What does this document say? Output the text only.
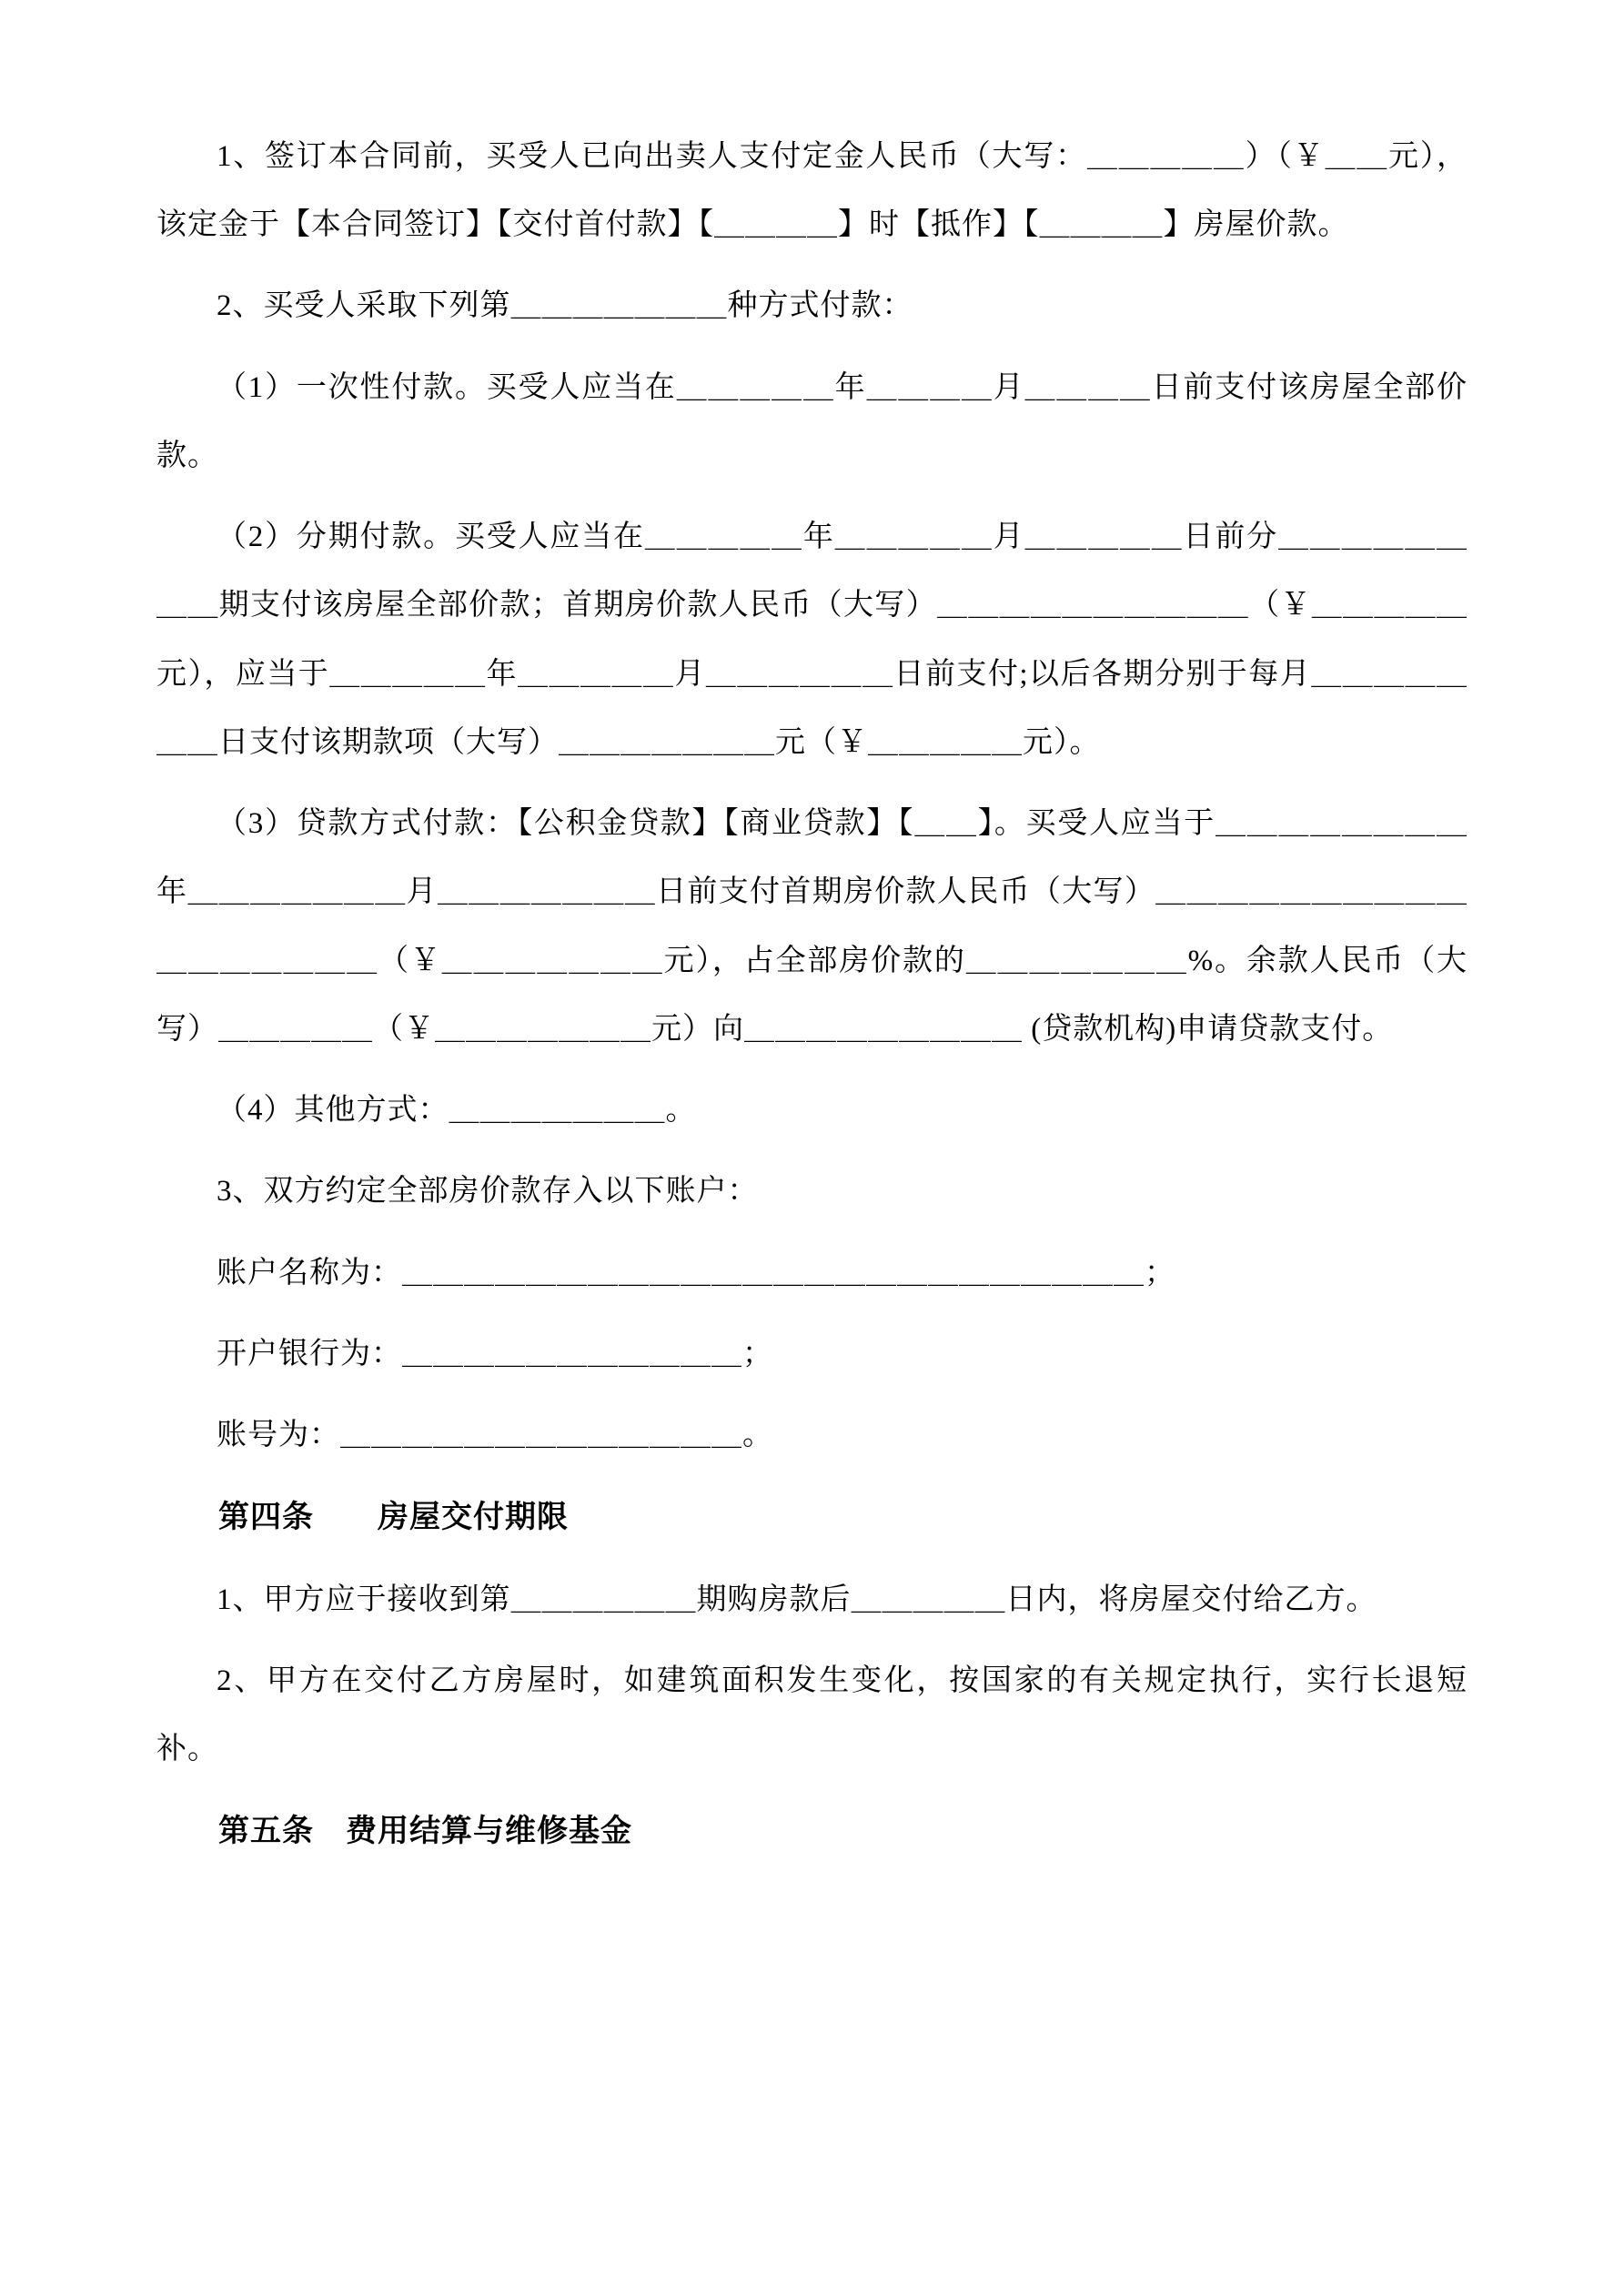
1、签订本合同前，买受人已向出卖人支付定金人民币（大写：＿＿＿＿＿）（￥＿＿元），该定金于【本合同签订】【交付首付款】【＿＿＿＿】时【抵作】【＿＿＿＿】房屋价款。

2、买受人采取下列第＿＿＿＿＿＿＿种方式付款：

（1）一次性付款。买受人应当在＿＿＿＿＿年＿＿＿＿月＿＿＿＿日前支付该房屋全部价款。

（2）分期付款。买受人应当在＿＿＿＿＿年＿＿＿＿＿月＿＿＿＿＿日前分＿＿＿＿＿＿＿＿期支付该房屋全部价款；首期房价款人民币（大写）＿＿＿＿＿＿＿＿＿＿（￥＿＿＿＿＿元），应当于＿＿＿＿＿年＿＿＿＿＿月＿＿＿＿＿＿日前支付;以后各期分别于每月＿＿＿＿＿＿＿日支付该期款项（大写）＿＿＿＿＿＿＿元（￥＿＿＿＿＿元）。

（3）贷款方式付款：【公积金贷款】【商业贷款】【＿＿】。买受人应当于＿＿＿＿＿＿＿＿年＿＿＿＿＿＿＿月＿＿＿＿＿＿＿日前支付首期房价款人民币（大写）＿＿＿＿＿＿＿＿＿＿＿＿＿＿＿＿＿（￥＿＿＿＿＿＿＿元），占全部房价款的＿＿＿＿＿＿＿%。余款人民币（大写）＿＿＿＿＿（￥＿＿＿＿＿＿＿元）向＿＿＿＿＿＿＿＿＿ (贷款机构)申请贷款支付。

（4）其他方式：＿＿＿＿＿＿＿。

3、双方约定全部房价款存入以下账户：

账户名称为：＿＿＿＿＿＿＿＿＿＿＿＿＿＿＿＿＿＿＿＿＿＿＿＿；

开户银行为：＿＿＿＿＿＿＿＿＿＿＿；

账号为：＿＿＿＿＿＿＿＿＿＿＿＿＿。

第四条　　房屋交付期限

1、甲方应于接收到第＿＿＿＿＿＿期购房款后＿＿＿＿＿日内，将房屋交付给乙方。

2、甲方在交付乙方房屋时，如建筑面积发生变化，按国家的有关规定执行，实行长退短补。

第五条　费用结算与维修基金
